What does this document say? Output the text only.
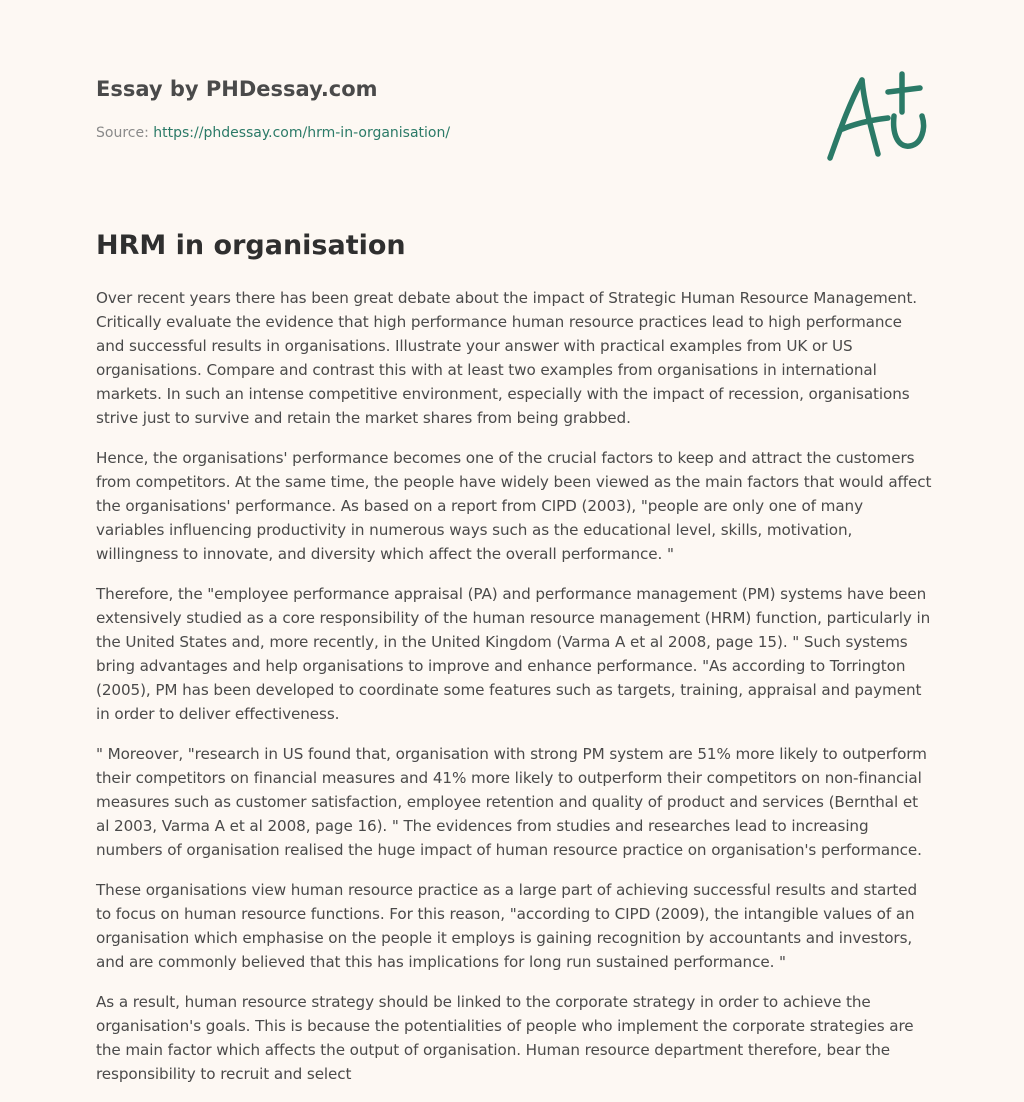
Essay by PHDessay.com
Source: https://phdessay.com/hrm-in-organisation/
HRM in organisation

Over recent years there has been great debate about the impact of Strategic Human Resource Management. Critically evaluate the evidence that high performance human resource practices lead to high performance and successful results in organisations. Illustrate your answer with practical examples from UK or US organisations. Compare and contrast this with at least two examples from organisations in international markets. In such an intense competitive environment, especially with the impact of recession, organisations strive just to survive and retain the market shares from being grabbed.

Hence, the organisations' performance becomes one of the crucial factors to keep and attract the customers from competitors. At the same time, the people have widely been viewed as the main factors that would affect the organisations' performance. As based on a report from CIPD (2003), "people are only one of many variables influencing productivity in numerous ways such as the educational level, skills, motivation, willingness to innovate, and diversity which affect the overall performance. "

Therefore, the "employee performance appraisal (PA) and performance management (PM) systems have been extensively studied as a core responsibility of the human resource management (HRM) function, particularly in the United States and, more recently, in the United Kingdom (Varma A et al 2008, page 15). " Such systems bring advantages and help organisations to improve and enhance performance. "As according to Torrington (2005), PM has been developed to coordinate some features such as targets, training, appraisal and payment in order to deliver effectiveness.

" Moreover, "research in US found that, organisation with strong PM system are 51% more likely to outperform their competitors on financial measures and 41% more likely to outperform their competitors on non-financial measures such as customer satisfaction, employee retention and quality of product and services (Bernthal et al 2003, Varma A et al 2008, page 16). " The evidences from studies and researches lead to increasing numbers of organisation realised the huge impact of human resource practice on organisation's performance.

These organisations view human resource practice as a large part of achieving successful results and started to focus on human resource functions. For this reason, "according to CIPD (2009), the intangible values of an organisation which emphasise on the people it employs is gaining recognition by accountants and investors, and are commonly believed that this has implications for long run sustained performance. "

As a result, human resource strategy should be linked to the corporate strategy in order to achieve the organisation's goals. This is because the potentialities of people who implement the corporate strategies are the main factor which affects the output of organisation. Human resource department therefore, bear the responsibility to recruit and select
